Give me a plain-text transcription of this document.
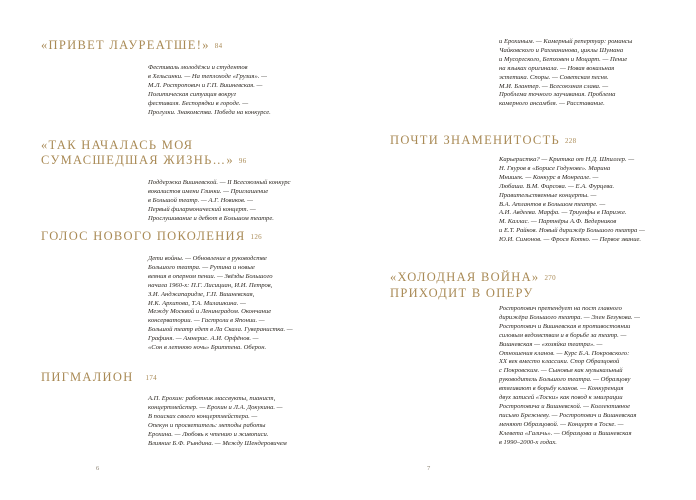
«ПРИВЕТ ЛАУРЕАТШЕ!» 84
Фестиваль молодёжи и студентов
в Хельсинки. — На теплоходе «Грузия». —
М.Л. Ростропович и Г.П. Вишневская. —
Политическая ситуация вокруг
фестиваля. Беспорядки в городе. —
Прогулки. Знакомства. Победа на конкурсе.
«ТАК НАЧАЛАСЬ МОЯ
СУМАСШЕДШАЯ ЖИЗНЬ…» 96
Поддержка Вишневской. — II Всесоюзный конкурс
вокалистов имени Глинки. — Приглашение
в Большой театр. — А.Г. Новиков. —
Первый филармонический концерт. —
Прослушивание и дебют в Большом театре.
ГОЛОС НОВОГО ПОКОЛЕНИЯ 126
Дети войны. — Обновление в руководстве
Большого театра. — Рутина и новые
веяния в оперном пении. — Звёзды Большого
начала 1960-х: П.Г. Лисициан, И.И. Петров,
З.И. Анджапаридзе, Г.П. Вишневская,
И.К. Архипова, Т.А. Милашкина. —
Между Москвой и Ленинградом. Окончание
консерватории. — Гастроли в Японии. —
Большой театр едет в Ла Скала. Гуверанистка. —
Графиня. — Амнерис. А.И. Орфёнов. —
«Сон в летнюю ночь» Бриттена. Оберон.
ПИГМАЛИОН 174
А.П. Ерохин: работник массвукты, пианист,
концертмейстер. — Ерохин и Л.А. Докукина. —
В поисках своего концертмейстера. —
Опекун и просветитель: методы работы
Ерохина. — Любовь к чтению и живописи.
Влияние Б.Ф. Рындина. — Между Шендеровичем
6
и Ерохиным. — Камерный репертуар: романсы
Чайковского и Рахманинова, циклы Шумана
и Мусоргского, Бетховен и Моцарт. — Пение
на языках оригинала. — Новая вокальная
эстетика. Споры. — Советская песня.
М.И. Блантер. — Всесоюзная слава. —
Проблема точного заучивания. Проблема
камерного ансамбля. — Расставание.
ПОЧТИ ЗНАМЕНИТОСТЬ 228
Карьеристка? — Критика от Н.Д. Шпиллер. —
Н. Гяуров в «Борисе Годунове». Марина
Мнишек. — Конкурс в Монреале. —
Любаша. В.М. Фирсова. — Е.А. Фурцева.
Правительственные концерты. —
В.А. Атлантов в Большом театре. —
А.И. Авдеева. Марфа. — Триумфы в Париже.
М. Каллас. — Партнёры А.Ф. Ведерников
и Е.Т. Райков. Новый дирижёр Большого театра —
Ю.И. Симонов. — Фрося Котко. — Первое звание.
«ХОЛОДНАЯ ВОЙНА» 270
ПРИХОДИТ В ОПЕРУ
Ростропович претендует на пост главного
дирижёра Большого театра. — Элен Безукова. —
Ростропович и Вишневская в противостоянии
силовым ведомствам и в борьбе за театр. —
Вишневская — «хозяйка театра». —
Отношения кланов. — Курс Б.А. Покровского:
XX век вместо классики. Спор Образцовой
с Покровским. — Сыновья как музыкальный
руководитель Большого театра. — Образцову
втягивают в борьбу кланов. — Конкуренция
двух записей «Тоски» как повод к эмиграции
Ростроповича и Вишневской. — Коллективное
письмо Брежневу. — Ростропович и Вишневская
меняют Образцовой. — Концерт в Тоске. —
Клевета «Галичь». — Образцова и Вишневская
в 1990–2000-х годах.
7
